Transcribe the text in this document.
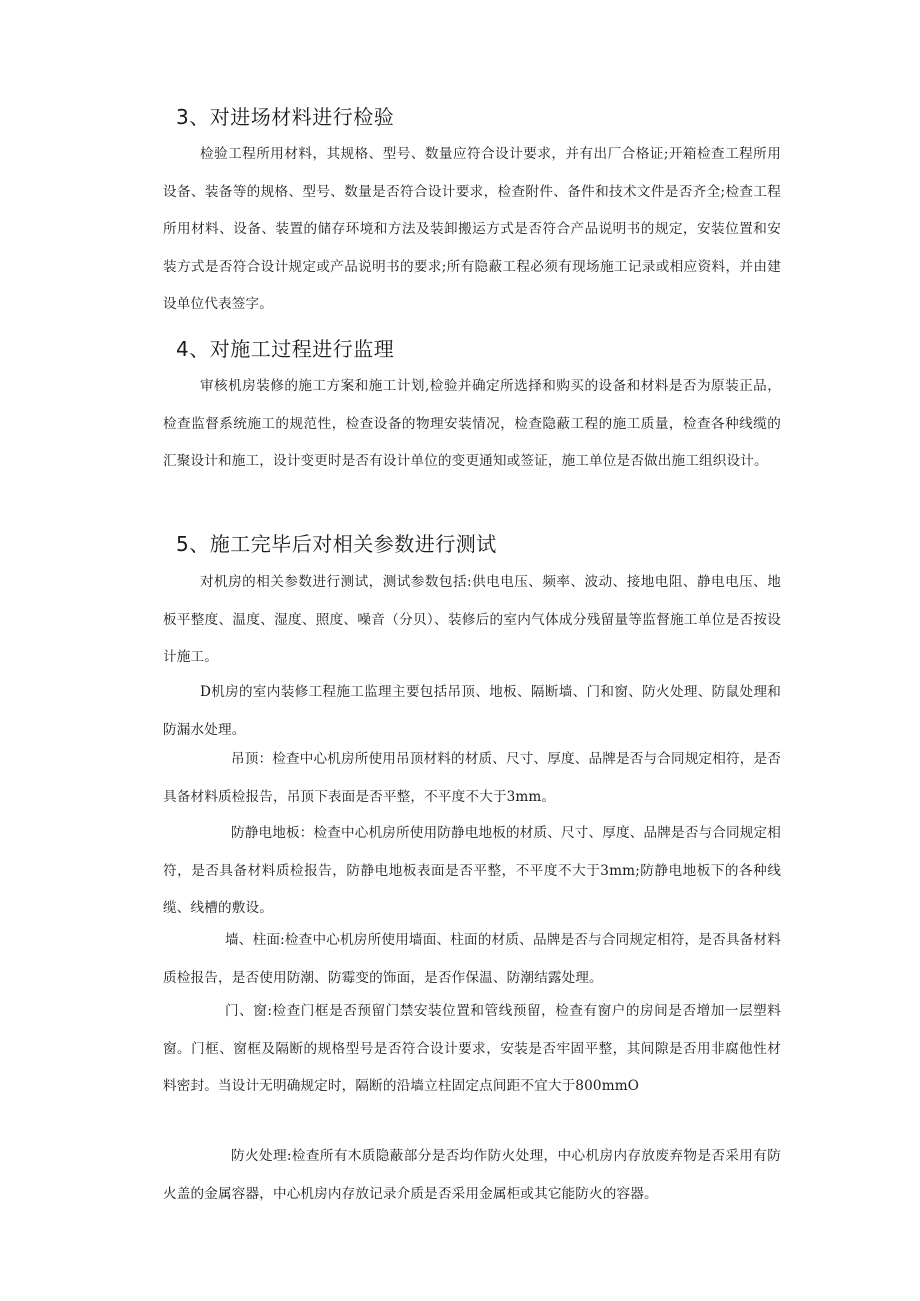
3、对进场材料进行检验

检验工程所用材料，其规格、型号、数量应符合设计要求，并有出厂合格证;开箱检查工程所用设备、装备等的规格、型号、数量是否符合设计要求，检查附件、备件和技术文件是否齐全;检查工程所用材料、设备、装置的储存环境和方法及装卸搬运方式是否符合产品说明书的规定，安装位置和安装方式是否符合设计规定或产品说明书的要求;所有隐蔽工程必须有现场施工记录或相应资料，并由建设单位代表签字。

4、对施工过程进行监理

审核机房装修的施工方案和施工计划,检验并确定所选择和购买的设备和材料是否为原装正品，检查监督系统施工的规范性，检查设备的物理安装情况，检查隐蔽工程的施工质量，检查各种线缆的汇聚设计和施工，设计变更时是否有设计单位的变更通知或签证，施工单位是否做出施工组织设计。

5、施工完毕后对相关参数进行测试

对机房的相关参数进行测试，测试参数包括:供电电压、频率、波动、接地电阻、静电电压、地板平整度、温度、湿度、照度、噪音（分贝）、装修后的室内气体成分残留量等监督施工单位是否按设计施工。

D机房的室内装修工程施工监理主要包括吊顶、地板、隔断墙、门和窗、防火处理、防鼠处理和防漏水处理。

吊顶：检查中心机房所使用吊顶材料的材质、尺寸、厚度、品牌是否与合同规定相符，是否具备材料质检报告，吊顶下表面是否平整，不平度不大于3mm。

防静电地板：检查中心机房所使用防静电地板的材质、尺寸、厚度、品牌是否与合同规定相符，是否具备材料质检报告，防静电地板表面是否平整，不平度不大于3mm;防静电地板下的各种线缆、线槽的敷设。

墙、柱面:检查中心机房所使用墙面、柱面的材质、品牌是否与合同规定相符，是否具备材料质检报告，是否使用防潮、防霉变的饰面，是否作保温、防潮结露处理。

门、窗:检查门框是否预留门禁安装位置和管线预留，检查有窗户的房间是否增加一层塑料窗。门框、窗框及隔断的规格型号是否符合设计要求，安装是否牢固平整，其间隙是否用非腐他性材料密封。当设计无明确规定时，隔断的沿墙立柱固定点间距不宜大于800mmO

防火处理:检查所有木质隐蔽部分是否均作防火处理，中心机房内存放废弃物是否采用有防火盖的金属容器，中心机房内存放记录介质是否采用金属柜或其它能防火的容器。
